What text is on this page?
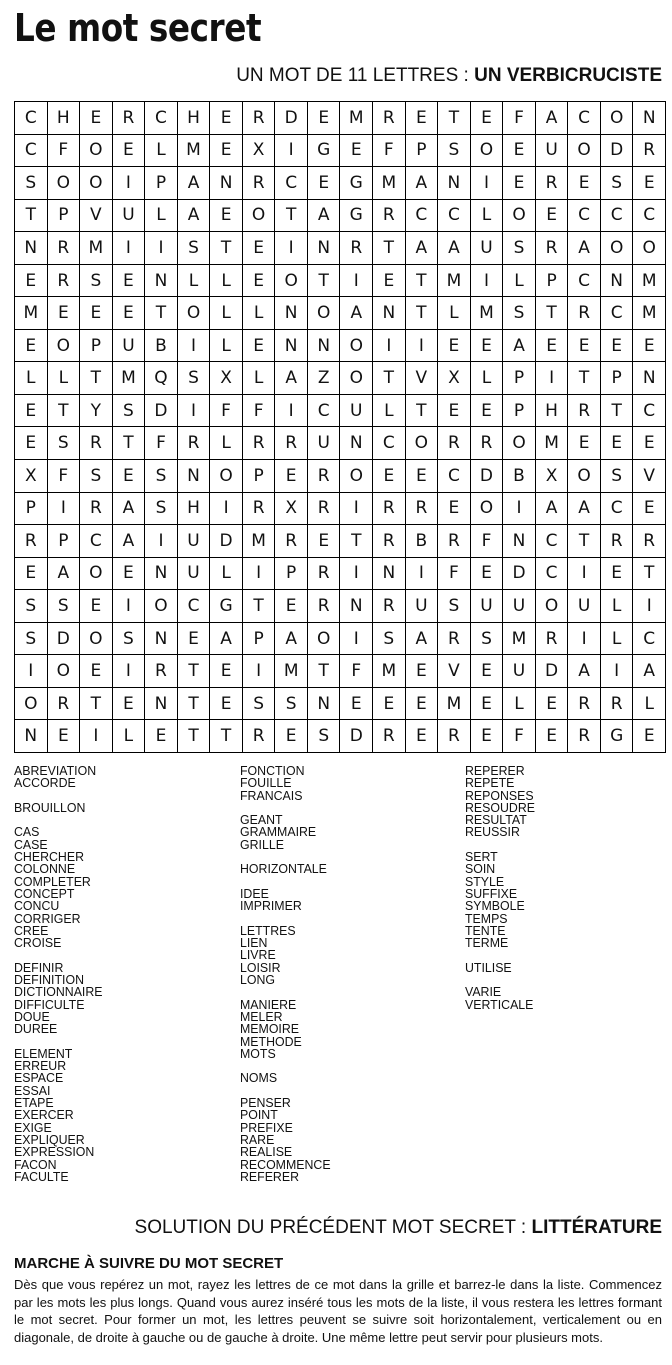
Le mot secret
UN MOT DE 11 LETTRES : UN VERBICRUCISTE
C	H	E	R	C	H	E	R	D	E	M	R	E	T	E	F	A	C	O	N
C	F	O	E	L	M	E	X	I	G	E	F	P	S	O	E	U	O	D	R
S	O	O	I	P	A	N	R	C	E	G	M	A	N	I	E	R	E	S	E
T	P	V	U	L	A	E	O	T	A	G	R	C	C	L	O	E	C	C	C
N	R	M	I	I	S	T	E	I	N	R	T	A	A	U	S	R	A	O	O
E	R	S	E	N	L	L	E	O	T	I	E	T	M	I	L	P	C	N	M
M	E	E	E	T	O	L	L	N	O	A	N	T	L	M	S	T	R	C	M
E	O	P	U	B	I	L	E	N	N	O	I	I	E	E	A	E	E	E	E
L	L	T	M	Q	S	X	L	A	Z	O	T	V	X	L	P	I	T	P	N
E	T	Y	S	D	I	F	F	I	C	U	L	T	E	E	P	H	R	T	C
E	S	R	T	F	R	L	R	R	U	N	C	O	R	R	O	M	E	E	E
X	F	S	E	S	N	O	P	E	R	O	E	E	C	D	B	X	O	S	V
P	I	R	A	S	H	I	R	X	R	I	R	R	E	O	I	A	A	C	E
R	P	C	A	I	U	D	M	R	E	T	R	B	R	F	N	C	T	R	R
E	A	O	E	N	U	L	I	P	R	I	N	I	F	E	D	C	I	E	T
S	S	E	I	O	C	G	T	E	R	N	R	U	S	U	U	O	U	L	I
S	D	O	S	N	E	A	P	A	O	I	S	A	R	S	M	R	I	L	C
I	O	E	I	R	T	E	I	M	T	F	M	E	V	E	U	D	A	I	A
O	R	T	E	N	T	E	S	S	N	E	E	E	M	E	L	E	R	R	L
N	E	I	L	E	T	T	R	E	S	D	R	E	R	E	F	E	R	G	E
ABREVIATION
ACCORDE
BROUILLON
CAS
CASE
CHERCHER
COLONNE
COMPLETER
CONCEPT
CONCU
CORRIGER
CREE
CROISE
DEFINIR
DEFINITION
DICTIONNAIRE
DIFFICULTE
DOUE
DUREE
ELEMENT
ERREUR
ESPACE
ESSAI
ETAPE
EXERCER
EXIGE
EXPLIQUER
EXPRESSION
FACON
FACULTE
FONCTION
FOUILLE
FRANCAIS
GEANT
GRAMMAIRE
GRILLE
HORIZONTALE
IDEE
IMPRIMER
LETTRES
LIEN
LIVRE
LOISIR
LONG
MANIERE
MELER
MEMOIRE
METHODE
MOTS
NOMS
PENSER
POINT
PREFIXE
RARE
REALISE
RECOMMENCE
REFERER
REPERER
REPETE
REPONSES
RESOUDRE
RESULTAT
REUSSIR
SERT
SOIN
STYLE
SUFFIXE
SYMBOLE
TEMPS
TENTE
TERME
UTILISE
VARIE
VERTICALE
SOLUTION DU PRÉCÉDENT MOT SECRET : LITTÉRATURE
MARCHE À SUIVRE DU MOT SECRET

Dès que vous repérez un mot, rayez les lettres de ce mot dans la grille et barrez-le dans la liste. Commencez par les mots les plus longs. Quand vous aurez inséré tous les mots de la liste, il vous restera les lettres formant le mot secret. Pour former un mot, les lettres peuvent se suivre soit horizontalement, verticalement ou en diagonale, de droite à gauche ou de gauche à droite. Une même lettre peut servir pour plusieurs mots.
